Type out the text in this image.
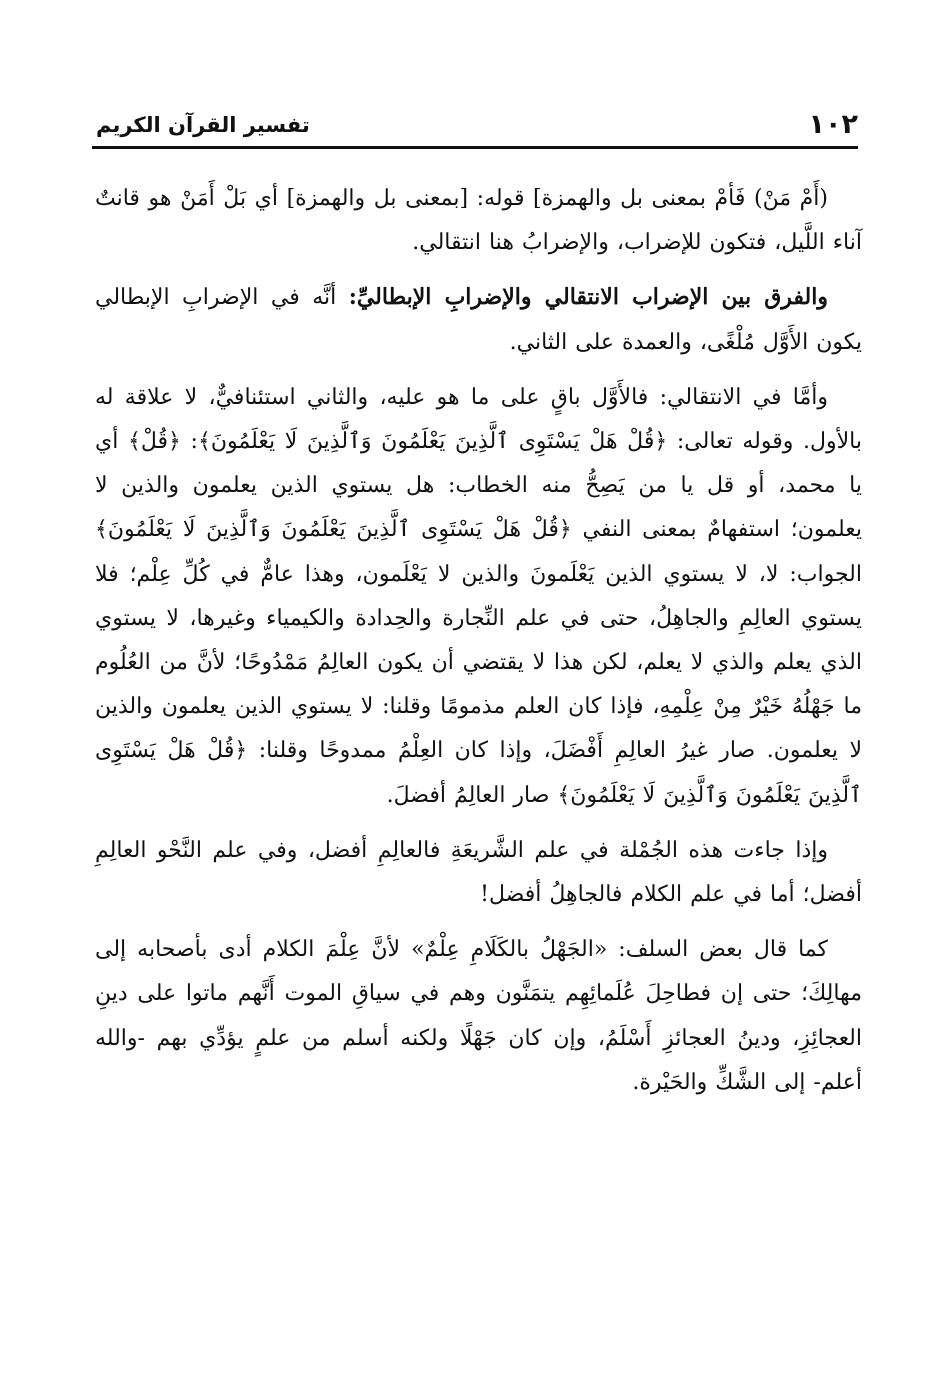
١٠٢
تفسير القرآن الكريم

(أَمْ مَنْ) فَأمْ بمعنى بل والهمزة] قوله: [بمعنى بل والهمزة] أي بَلْ أَمَنْ هو قانتٌ آناء اللَّيل، فتكون للإضراب، والإضرابُ هنا انتقالي.

والفرق بين الإضراب الانتقالي والإضرابِ الإبطاليِّ: أنَّه في الإضرابِ الإبطالي يكون الأَوَّل مُلْغًى، والعمدة على الثاني.

وأمَّا في الانتقالي: فالأَوَّل باقٍ على ما هو عليه، والثاني استئنافيٌّ، لا علاقة له بالأول. وقوله تعالى: ﴿قُلْ هَلْ يَسْتَوِى ٱلَّذِينَ يَعْلَمُونَ وَٱلَّذِينَ لَا يَعْلَمُونَ﴾: ﴿قُلْ﴾ أي يا محمد، أو قل يا من يَصِحُّ منه الخطاب: هل يستوي الذين يعلمون والذين لا يعلمون؛ استفهامٌ بمعنى النفي ﴿قُلْ هَلْ يَسْتَوِى ٱلَّذِينَ يَعْلَمُونَ وَٱلَّذِينَ لَا يَعْلَمُونَ﴾ الجواب: لا، لا يستوي الذين يَعْلَمونَ والذين لا يَعْلَمون، وهذا عامٌّ في كُلِّ عِلْم؛ فلا يستوي العالِمِ والجاهِلُ، حتى في علم النِّجارة والحِدادة والكيمياء وغيرها، لا يستوي الذي يعلم والذي لا يعلم، لكن هذا لا يقتضي أن يكون العالِمُ مَمْدُوحًا؛ لأنَّ من العُلُوم ما جَهْلُهُ خَيْرٌ مِنْ عِلْمِهِ، فإذا كان العلم مذمومًا وقلنا: لا يستوي الذين يعلمون والذين لا يعلمون. صار غيرُ العالِمِ أَفْضَلَ، وإذا كان العِلْمُ ممدوحًا وقلنا: ﴿قُلْ هَلْ يَسْتَوِى ٱلَّذِينَ يَعْلَمُونَ وَٱلَّذِينَ لَا يَعْلَمُونَ﴾ صار العالِمُ أفضلَ.

وإذا جاءت هذه الجُمْلة في علم الشَّريعَةِ فالعالِمِ أفضل، وفي علم النَّحْو العالِمِ أفضل؛ أما في علم الكلام فالجاهِلُ أفضل!

كما قال بعض السلف: «الجَهْلُ بالكَلَامِ عِلْمٌ» لأنَّ عِلْمَ الكلام أدى بأصحابه إلى مهالِكَ؛ حتى إن فطاحِلَ عُلَمائِهِم يتمَنَّون وهم في سياقِ الموت أَنَّهم ماتوا على دينِ العجائِزِ، ودينُ العجائزِ أَسْلَمُ، وإن كان جَهْلًا ولكنه أسلم من علمٍ يؤدِّي بهم -والله أعلم- إلى الشَّكِّ والحَيْرة.
